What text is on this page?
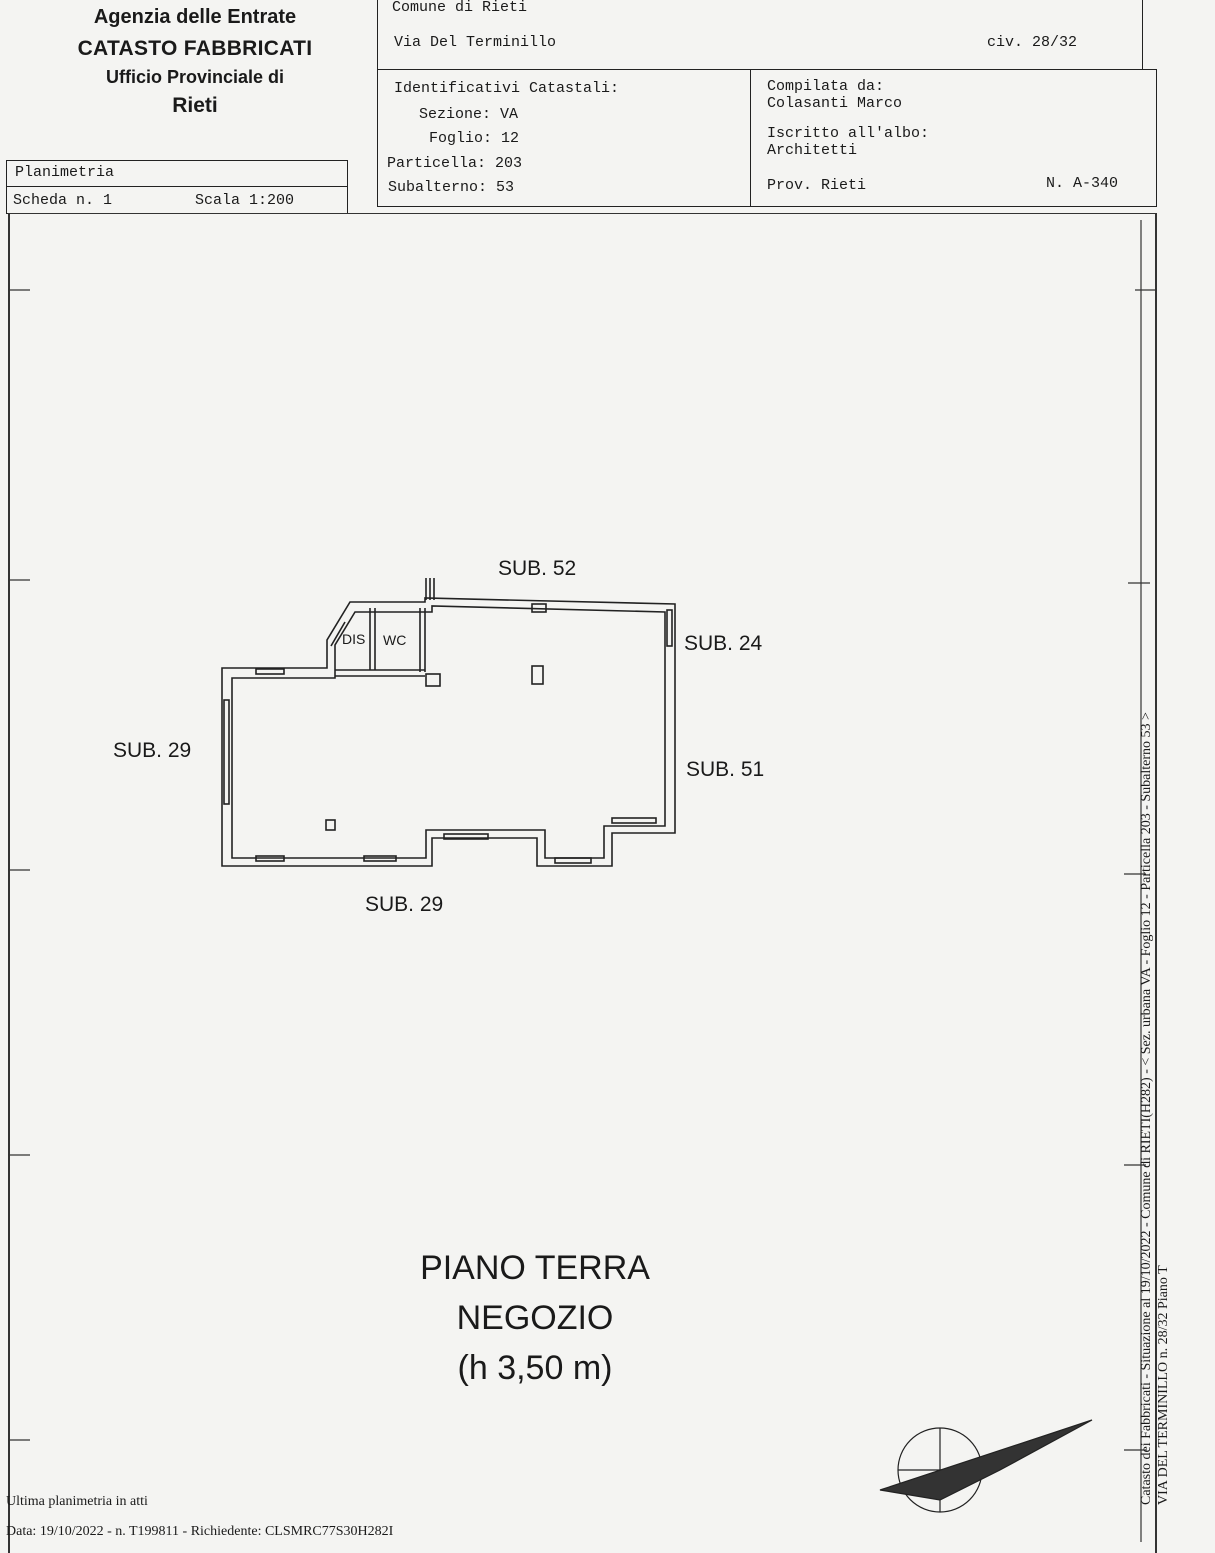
Agenzia delle Entrate
CATASTO FABBRICATI
Ufficio Provinciale di
Rieti
Planimetria
Scheda n. 1	Scala 1:200
Comune di Rieti
Via Del Terminillo	civ. 28/32
Identificativi Catastali:
Sezione: VA
Foglio: 12
Particella: 203
Subalterno: 53
Compilata da:
Colasanti Marco
Iscritto all'albo:
Architetti
Prov. Rieti	N. A-340
SUB. 52
SUB. 24
SUB. 29
SUB. 51
SUB. 29
DIS WC
PIANO TERRA
NEGOZIO
(h 3,50 m)	Catasto dei Fabbricati - Situazione al 19/10/2022 - Comune di RIETI(H282) - < Sez. urbana VA - Foglio 12 - Particella 203 - Subalterno 53 > VIA DEL TERMINILLO n. 28/32 Piano T
Ultima planimetria in atti
Data: 19/10/2022 - n. T199811 - Richiedente: CLSMRC77S30H282I
